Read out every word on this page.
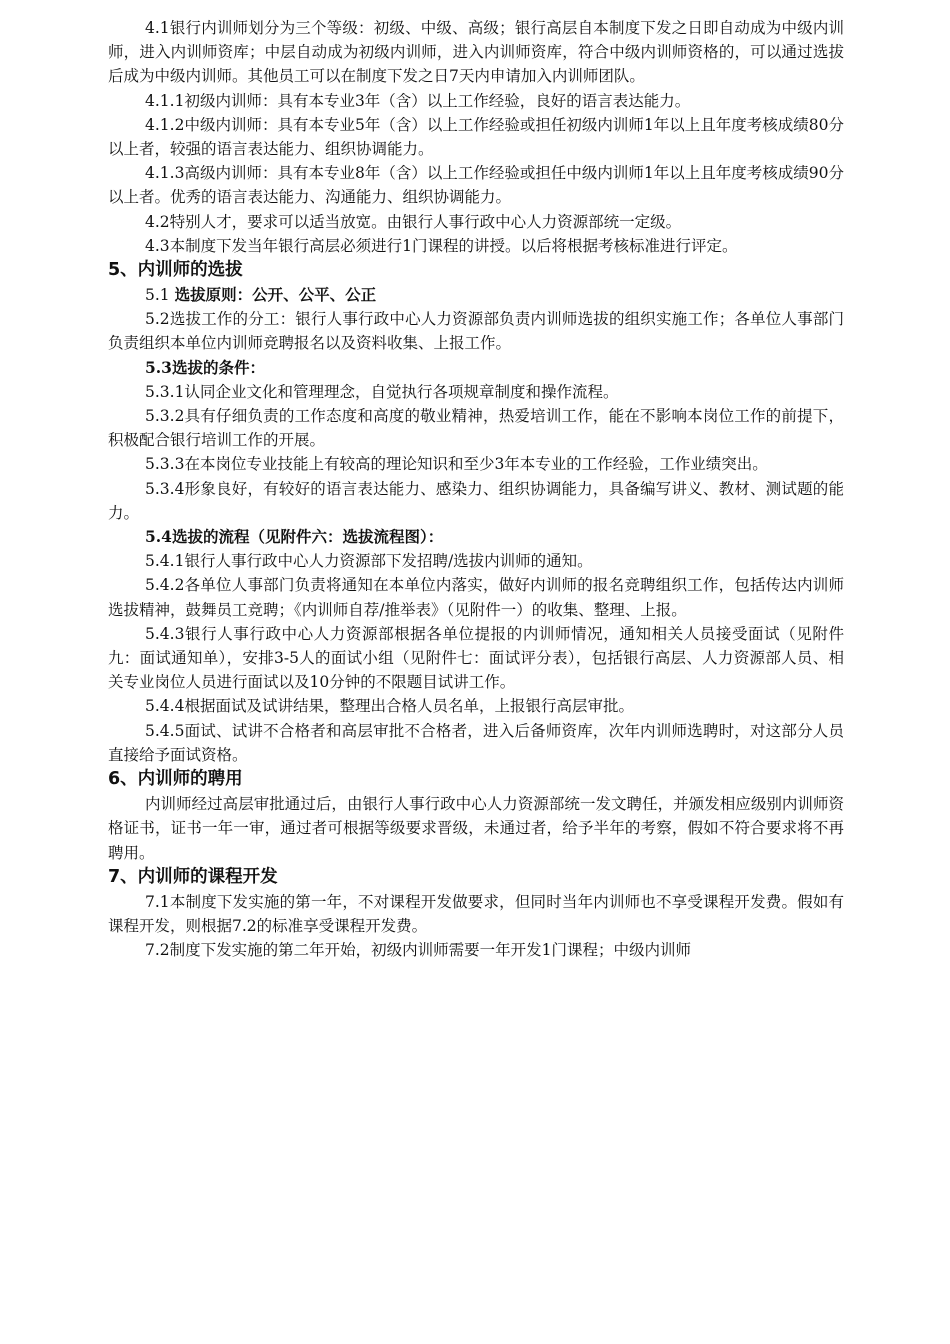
4.1银行内训师划分为三个等级：初级、中级、高级；银行高层自本制度下发之日即自动成为中级内训师，进入内训师资库；中层自动成为初级内训师，进入内训师资库，符合中级内训师资格的，可以通过选拔后成为中级内训师。其他员工可以在制度下发之日7天内申请加入内训师团队。

4.1.1初级内训师：具有本专业3年（含）以上工作经验，良好的语言表达能力。

4.1.2中级内训师：具有本专业5年（含）以上工作经验或担任初级内训师1年以上且年度考核成绩80分以上者，较强的语言表达能力、组织协调能力。

4.1.3高级内训师：具有本专业8年（含）以上工作经验或担任中级内训师1年以上且年度考核成绩90分以上者。优秀的语言表达能力、沟通能力、组织协调能力。

4.2特别人才，要求可以适当放宽。由银行人事行政中心人力资源部统一定级。

4.3本制度下发当年银行高层必须进行1门课程的讲授。以后将根据考核标准进行评定。

5、内训师的选拔

5.1 选拔原则：公开、公平、公正

5.2选拔工作的分工：银行人事行政中心人力资源部负责内训师选拔的组织实施工作；各单位人事部门负责组织本单位内训师竞聘报名以及资料收集、上报工作。

5.3选拔的条件：

5.3.1认同企业文化和管理理念，自觉执行各项规章制度和操作流程。

5.3.2具有仔细负责的工作态度和高度的敬业精神，热爱培训工作，能在不影响本岗位工作的前提下，积极配合银行培训工作的开展。

5.3.3在本岗位专业技能上有较高的理论知识和至少3年本专业的工作经验，工作业绩突出。

5.3.4形象良好，有较好的语言表达能力、感染力、组织协调能力，具备编写讲义、教材、测试题的能力。

5.4选拔的流程（见附件六：选拔流程图）：

5.4.1银行人事行政中心人力资源部下发招聘/选拔内训师的通知。

5.4.2各单位人事部门负责将通知在本单位内落实，做好内训师的报名竞聘组织工作，包括传达内训师选拔精神，鼓舞员工竞聘；《内训师自荐/推举表》（见附件一）的收集、整理、上报。

5.4.3银行人事行政中心人力资源部根据各单位提报的内训师情况，通知相关人员接受面试（见附件九：面试通知单），安排3-5人的面试小组（见附件七：面试评分表），包括银行高层、人力资源部人员、相关专业岗位人员进行面试以及10分钟的不限题目试讲工作。

5.4.4根据面试及试讲结果，整理出合格人员名单，上报银行高层审批。

5.4.5面试、试讲不合格者和高层审批不合格者，进入后备师资库，次年内训师选聘时，对这部分人员直接给予面试资格。

6、内训师的聘用

内训师经过高层审批通过后，由银行人事行政中心人力资源部统一发文聘任，并颁发相应级别内训师资格证书，证书一年一审，通过者可根据等级要求晋级，未通过者，给予半年的考察，假如不符合要求将不再聘用。

7、内训师的课程开发

7.1本制度下发实施的第一年，不对课程开发做要求，但同时当年内训师也不享受课程开发费。假如有课程开发，则根据7.2的标准享受课程开发费。

7.2制度下发实施的第二年开始，初级内训师需要一年开发1门课程；中级内训师
